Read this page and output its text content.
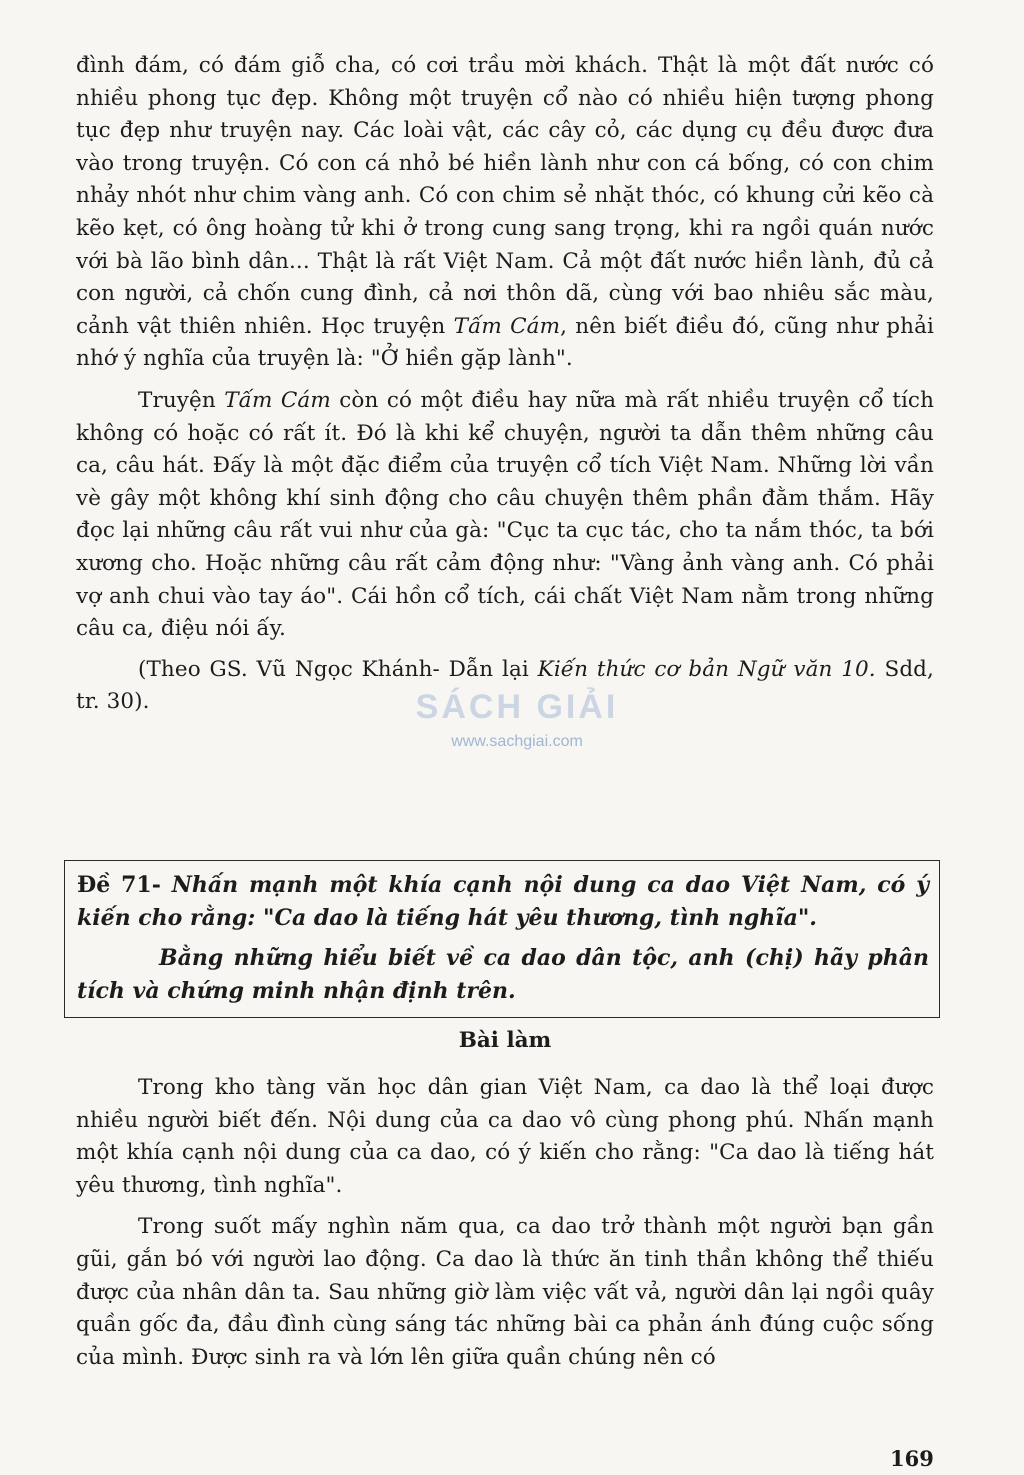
đình đám, có đám giỗ cha, có cơi trầu mời khách. Thật là một đất nước có nhiều phong tục đẹp. Không một truyện cổ nào có nhiều hiện tượng phong tục đẹp như truyện nay. Các loài vật, các cây cỏ, các dụng cụ đều được đưa vào trong truyện. Có con cá nhỏ bé hiền lành như con cá bống, có con chim nhảy nhót như chim vàng anh. Có con chim sẻ nhặt thóc, có khung cửi kẽo cà kẽo kẹt, có ông hoàng tử khi ở trong cung sang trọng, khi ra ngồi quán nước với bà lão bình dân... Thật là rất Việt Nam. Cả một đất nước hiền lành, đủ cả con người, cả chốn cung đình, cả nơi thôn dã, cùng với bao nhiêu sắc màu, cảnh vật thiên nhiên. Học truyện Tấm Cám, nên biết điều đó, cũng như phải nhớ ý nghĩa của truyện là: "Ở hiền gặp lành".

Truyện Tấm Cám còn có một điều hay nữa mà rất nhiều truyện cổ tích không có hoặc có rất ít. Đó là khi kể chuyện, người ta dẫn thêm những câu ca, câu hát. Đấy là một đặc điểm của truyện cổ tích Việt Nam. Những lời vần vè gây một không khí sinh động cho câu chuyện thêm phần đằm thắm. Hãy đọc lại những câu rất vui như của gà: "Cục ta cục tác, cho ta nắm thóc, ta bới xương cho. Hoặc những câu rất cảm động như: "Vàng ảnh vàng anh. Có phải vợ anh chui vào tay áo". Cái hồn cổ tích, cái chất Việt Nam nằm trong những câu ca, điệu nói ấy.

(Theo GS. Vũ Ngọc Khánh- Dẫn lại Kiến thức cơ bản Ngữ văn 10. Sdd, tr. 30).	SÁCH GIẢI
www.sachgiai.com

Đề 71- Nhấn mạnh một khía cạnh nội dung ca dao Việt Nam, có ý kiến cho rằng: "Ca dao là tiếng hát yêu thương, tình nghĩa".

Bằng những hiểu biết về ca dao dân tộc, anh (chị) hãy phân tích và chứng minh nhận định trên.

Bài làm

Trong kho tàng văn học dân gian Việt Nam, ca dao là thể loại được nhiều người biết đến. Nội dung của ca dao vô cùng phong phú. Nhấn mạnh một khía cạnh nội dung của ca dao, có ý kiến cho rằng: "Ca dao là tiếng hát yêu thương, tình nghĩa".

Trong suốt mấy nghìn năm qua, ca dao trở thành một người bạn gần gũi, gắn bó với người lao động. Ca dao là thức ăn tinh thần không thể thiếu được của nhân dân ta. Sau những giờ làm việc vất vả, người dân lại ngồi quây quần gốc đa, đầu đình cùng sáng tác những bài ca phản ánh đúng cuộc sống của mình. Được sinh ra và lớn lên giữa quần chúng nên có

169
